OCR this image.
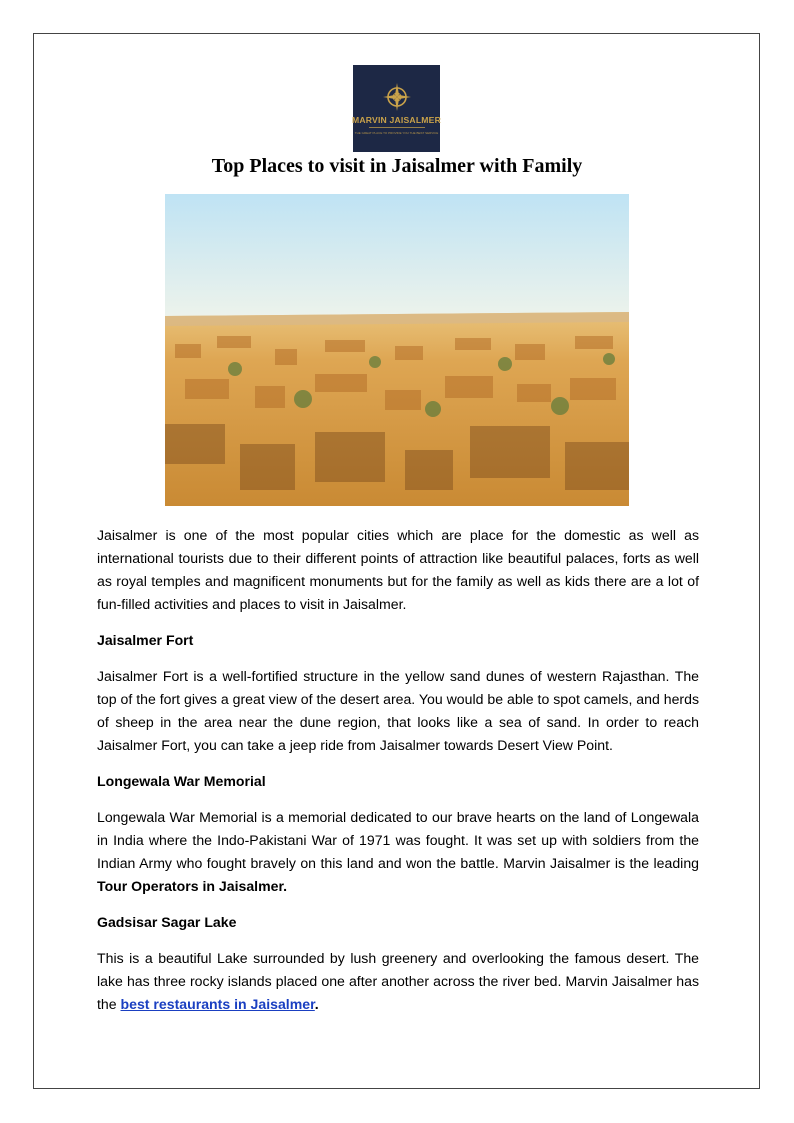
MARVIN JAISALMER
THE GREAT PLACE TO PROVIDE YOU THE BEST SERVICE
Top Places to visit in Jaisalmer with Family

Jaisalmer is one of the most popular cities which are place for the domestic as well as international tourists due to their different points of attraction like beautiful palaces, forts as well as royal temples and magnificent monuments but for the family as well as kids there are a lot of fun-filled activities and places to visit in Jaisalmer.

Jaisalmer Fort

Jaisalmer Fort is a well-fortified structure in the yellow sand dunes of western Rajasthan. The top of the fort gives a great view of the desert area. You would be able to spot camels, and herds of sheep in the area near the dune region, that looks like a sea of sand. In order to reach Jaisalmer Fort, you can take a jeep ride from Jaisalmer towards Desert View Point.

Longewala War Memorial

Longewala War Memorial is a memorial dedicated to our brave hearts on the land of Longewala in India where the Indo-Pakistani War of 1971 was fought. It was set up with soldiers from the Indian Army who fought bravely on this land and won the battle. Marvin Jaisalmer is the leading Tour Operators in Jaisalmer.

Gadsisar Sagar Lake

This is a beautiful Lake surrounded by lush greenery and overlooking the famous desert. The lake has three rocky islands placed one after another across the river bed. Marvin Jaisalmer has the best restaurants in Jaisalmer.
